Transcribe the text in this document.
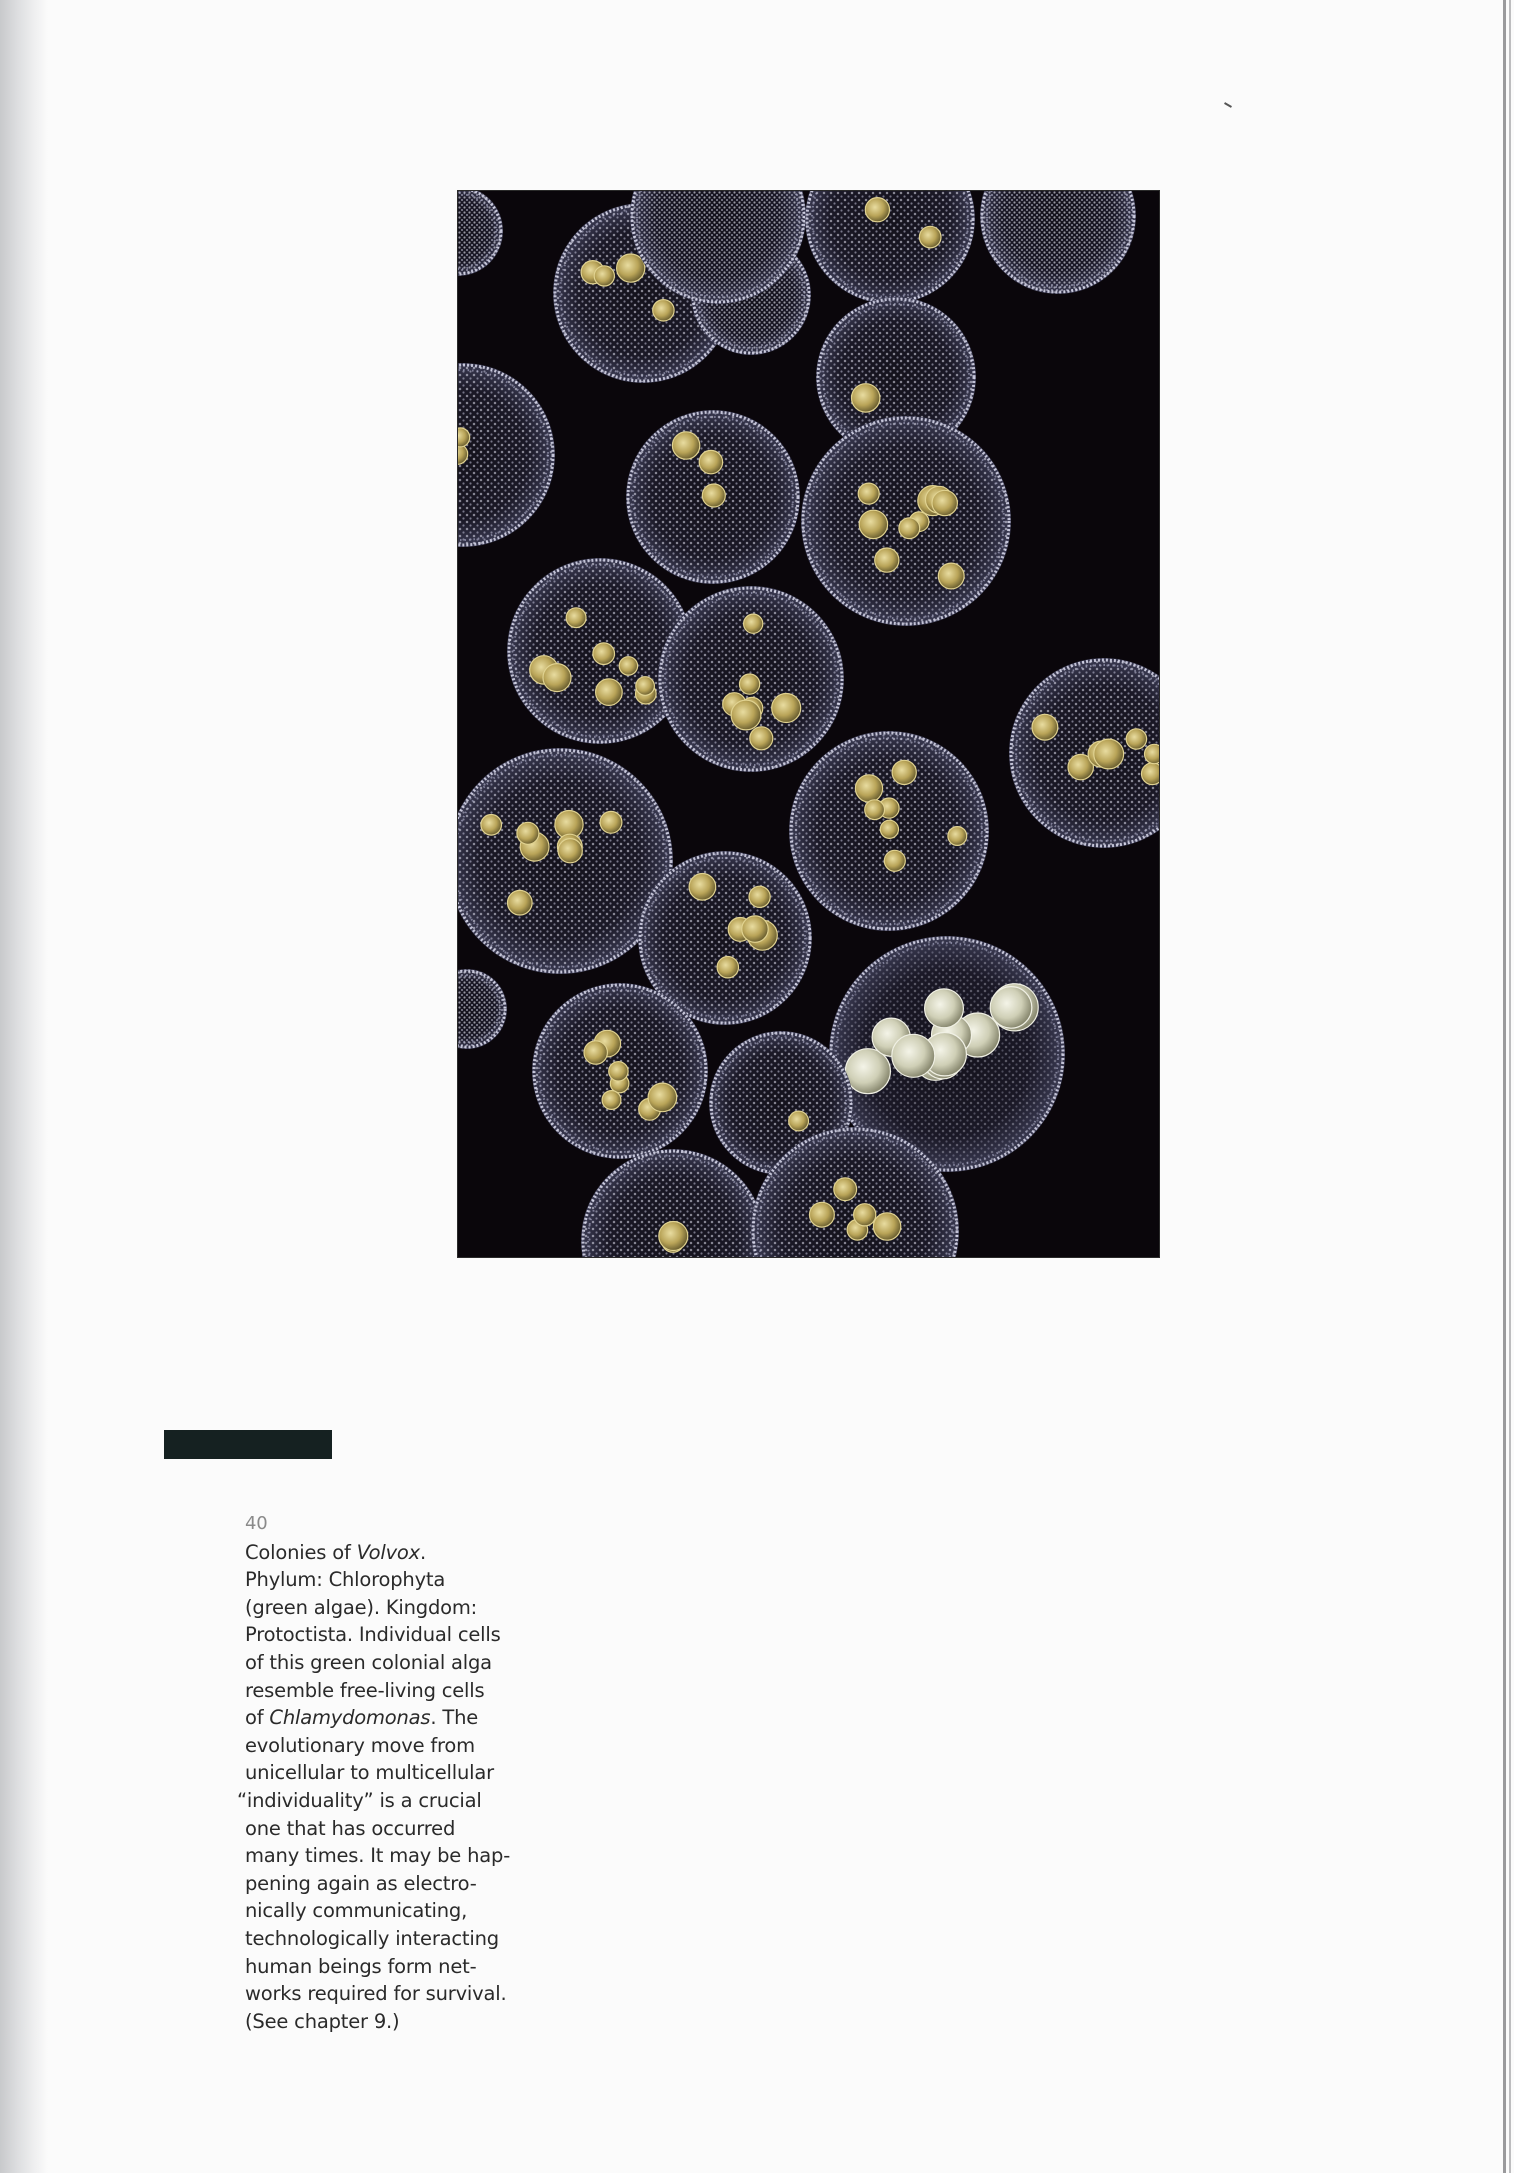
40
Colonies of Volvox.
Phylum: Chlorophyta
(green algae). Kingdom:
Protoctista. Individual cells
of this green colonial alga
resemble free-living cells
of Chlamydomonas. The
evolutionary move from
unicellular to multicellular
“individuality” is a crucial
one that has occurred
many times. It may be hap-
pening again as electro-
nically communicating,
technologically interacting
human beings form net-
works required for survival.
(See chapter 9.)
